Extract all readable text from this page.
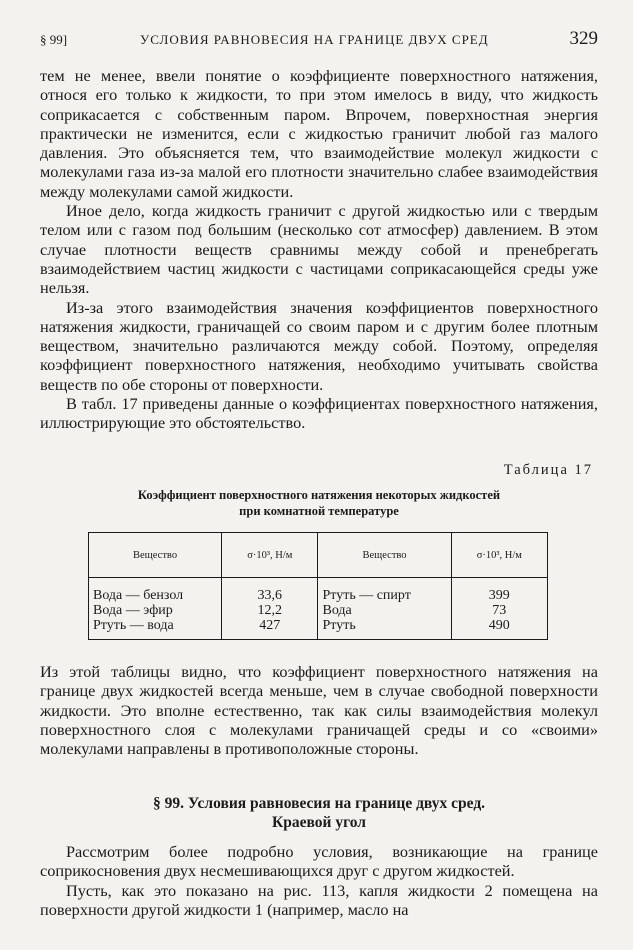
§ 99]	УСЛОВИЯ РАВНОВЕСИЯ НА ГРАНИЦЕ ДВУХ СРЕД	329

тем не менее, ввели понятие о коэффициенте поверхностного натяжения, относя его только к жидкости, то при этом имелось в виду, что жидкость соприкасается с собственным паром. Впрочем, поверхностная энергия практически не изменится, если с жидкостью граничит любой газ малого давления. Это объясняется тем, что взаимодействие молекул жидкости с молекулами газа из-за малой его плотности значительно слабее взаимодействия между молекулами самой жидкости.

Иное дело, когда жидкость граничит с другой жидкостью или с твердым телом или с газом под большим (несколько сот атмосфер) давлением. В этом случае плотности веществ сравнимы между собой и пренебрегать взаимодействием частиц жидкости с частицами соприкасающейся среды уже нельзя.

Из-за этого взаимодействия значения коэффициентов поверхностного натяжения жидкости, граничащей со своим паром и с другим более плотным веществом, значительно различаются между собой. Поэтому, определяя коэффициент поверхностного натяжения, необходимо учитывать свойства веществ по обе стороны от поверхности.

В табл. 17 приведены данные о коэффициентах поверхностного натяжения, иллюстрирующие это обстоятельство.

Таблица 17
Коэффициент поверхностного натяжения некоторых жидкостей
при комнатной температуре
Вещество	σ·10³, Н/м	Вещество	σ·10³, Н/м
Вода — бензол	33,6	Ртуть — спирт	399
Вода — эфир	12,2	Вода	73
Ртуть — вода	427	Ртуть	490

Из этой таблицы видно, что коэффициент поверхностного натяжения на границе двух жидкостей всегда меньше, чем в случае свободной поверхности жидкости. Это вполне естественно, так как силы взаимодействия молекул поверхностного слоя с молекулами граничащей среды и со «своими» молекулами направлены в противоположные стороны.

§ 99. Условия равновесия на границе двух сред.
Краевой угол

Рассмотрим более подробно условия, возникающие на границе соприкосновения двух несмешивающихся друг с другом жидкостей.

Пусть, как это показано на рис. 113, капля жидкости 2 помещена на поверхности другой жидкости 1 (например, масло на
